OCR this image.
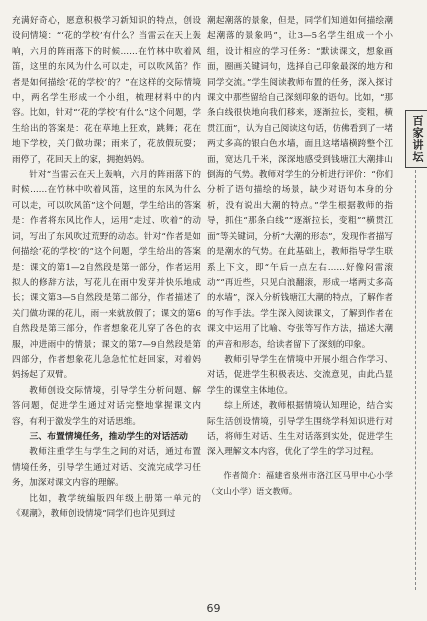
充满好奇心，愿意积极学习新知识的特点，创设设问情境：“‘花的学校’有什么？当雷云在天上轰响，六月的阵雨落下的时候……在竹林中吹着风笛，这里的东风为什么可以走，可以吹风笛？作者是如何描绘‘花的学校’的？”在这样的交际情境中，两名学生形成一个小组，梳理材料中的内容。比如，针对“‘花的学校’有什么”这个问题，学生给出的答案是：花在草地上狂欢，跳舞；花在地下学校，关门做功课；雨来了，花放假玩耍；雨停了，花回天上的家，拥抱妈妈。

针对“当雷云在天上轰响，六月的阵雨落下的时候……在竹林中吹着风笛，这里的东风为什么可以走，可以吹风笛”这个问题，学生给出的答案是：作者将东风比作人，运用“走过、吹着”的动词，写出了东风吹过荒野的动态。针对“作者是如何描绘‘花的学校’的”这个问题，学生给出的答案是：课文的第1—2自然段是第一部分，作者运用拟人的修辞方法，写花儿在雨中发芽并快乐地成长；课文第3—5自然段是第二部分，作者描述了关门做功课的花儿，雨一来就放假了；课文的第6自然段是第三部分，作者想象花儿穿了各色的衣服，冲进雨中的情景；课文的第7—9自然段是第四部分，作者想象花儿急急忙忙赶回家，对着妈妈扬起了双臂。

教师创设交际情境，引导学生分析问题、解答问题，促进学生通过对话完整地掌握课文内容，有利于激发学生的对话思维。

三、布置情境任务，推动学生的对话活动

教师注重学生与学生之间的对话，通过布置情境任务，引导学生通过对话、交流完成学习任务，加深对课文内容的理解。

比如，教学统编版四年级上册第一单元的《观潮》，教师创设情境“同学们也许见到过

潮起潮落的景象，但是，同学们知道如何描绘潮起潮落的景象吗”，让3—5名学生组成一个小组，设计相应的学习任务：“默读课文，想象画面，圈画关键词句，选择自己印象最深的地方和同学交流。”学生阅读教师布置的任务，深入探讨课文中那些留给自己深刻印象的语句。比如，“那条白线很快地向我们移来，逐渐拉长，变粗，横贯江面”，认为自己阅读这句话，仿佛看到了一堵两丈多高的银白色水墙，面且这堵墙横跨整个江面，宽达几千米，深深地感受到钱塘江大潮排山倒海的气势。教师对学生的分析进行评价：“你们分析了语句描绘的场景，缺少对语句本身的分析，没有说出大潮的特点。”学生根据教师的指导，抓住“那条白线”“逐渐拉长，变粗”“横贯江面”等关键词，分析“大潮的形态”，发现作者描写的是潮水的气势。在此基础上，教师指导学生联系上下文，即“午后一点左右……好像闷雷滚动”“再近些，只见白浪翻滚，形成一堵两丈多高的水墙”，深入分析钱塘江大潮的特点，了解作者的写作手法。学生深入阅读课文，了解到作者在课文中运用了比喻、夸张等写作方法，描述大潮的声音和形态，给读者留下了深刻的印象。

教师引导学生在情境中开展小组合作学习、对话，促进学生积极表达、交流意见，由此凸显学生的课堂主体地位。

综上所述，教师根据情境认知理论，结合实际生活创设情境，引导学生围绕学科知识进行对话，将师生对话、生生对话落到实处，促进学生深入理解文本内容，优化了学生的学习过程。

作者简介：福建省泉州市洛江区马甲中心小学（文山小学）语文教师。
百家讲坛
69
